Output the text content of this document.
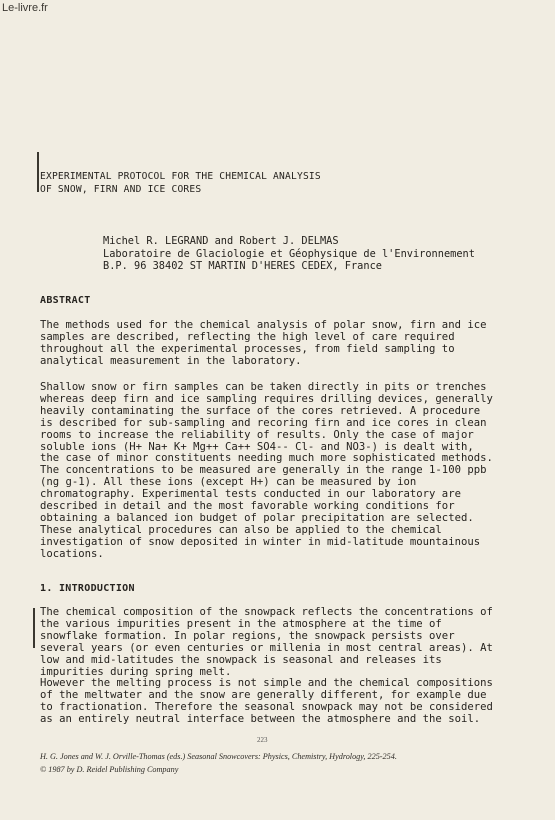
Le-livre.fr
EXPERIMENTAL PROTOCOL FOR THE CHEMICAL ANALYSIS
OF SNOW, FIRN AND ICE CORES
Michel R. LEGRAND and Robert J. DELMAS
Laboratoire de Glaciologie et Géophysique de l'Environnement
B.P. 96 38402 ST MARTIN D'HERES CEDEX, France
ABSTRACT
The methods used for the chemical analysis of polar snow, firn and ice
samples are described, reflecting the high level of care required
throughout all the experimental processes, from field sampling to
analytical measurement in the laboratory.
Shallow snow or firn samples can be taken directly in pits or trenches
whereas deep firn and ice sampling requires drilling devices, generally
heavily contaminating the surface of the cores retrieved. A procedure
is described for sub-sampling and recoring firn and ice cores in clean
rooms to increase the reliability of results. Only the case of major
soluble ions (H+ Na+ K+ Mg++ Ca++ SO4-- Cl- and NO3-) is dealt with,
the case of minor constituents needing much more sophisticated methods.
The concentrations to be measured are generally in the range 1-100 ppb
(ng g-1). All these ions (except H+) can be measured by ion
chromatography. Experimental tests conducted in our laboratory are
described in detail and the most favorable working conditions for
obtaining a balanced ion budget of polar precipitation are selected.
These analytical procedures can also be applied to the chemical
investigation of snow deposited in winter in mid-latitude mountainous
locations.
1. INTRODUCTION
The chemical composition of the snowpack reflects the concentrations of
the various impurities present in the atmosphere at the time of
snowflake formation. In polar regions, the snowpack persists over
several years (or even centuries or millenia in most central areas). At
low and mid-latitudes the snowpack is seasonal and releases its
impurities during spring melt.
However the melting process is not simple and the chemical compositions
of the meltwater and the snow are generally different, for example due
to fractionation. Therefore the seasonal snowpack may not be considered
as an entirely neutral interface between the atmosphere and the soil.
223
H. G. Jones and W. J. Orville-Thomas (eds.) Seasonal Snowcovers: Physics, Chemistry, Hydrology, 225-254.
© 1987 by D. Reidel Publishing Company
